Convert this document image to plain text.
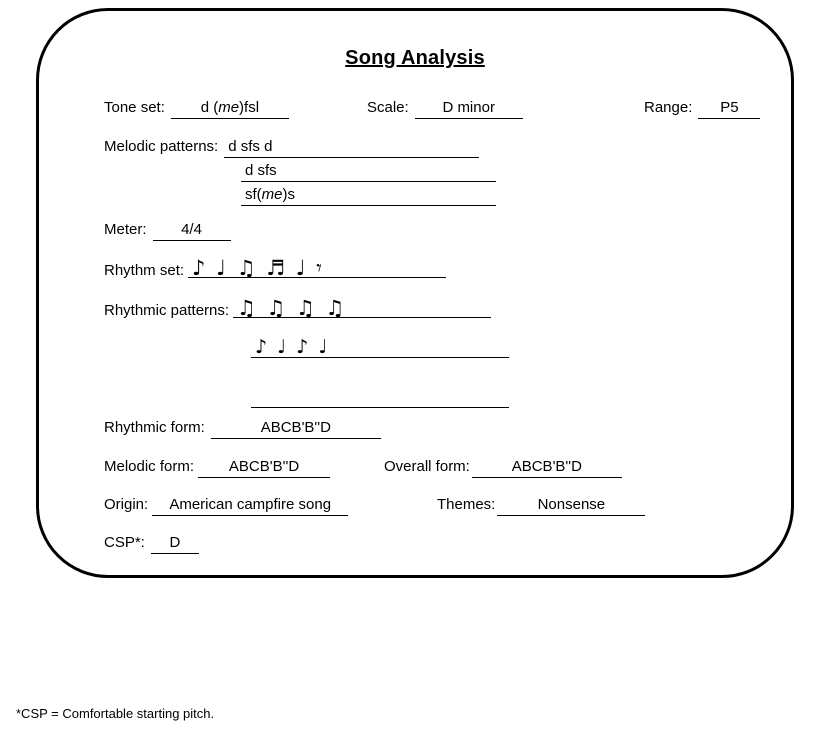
Song Analysis
Tone set:	d (me)fsl	Scale:	D minor	Range:	P5
Melodic patterns: d sfs d
d sfs
sf(me)s
Meter:	4/4
Rhythm set: ♪ ♩ ♫ ♬ ♩ 𝄾
Rhythmic patterns: ♫ ♫ ♫ ♫
♪ ♩ ♪ ♩
Rhythmic form:	ABCB'B''D
Melodic form:	ABCB'B''D	Overall form:	ABCB'B''D
Origin:	American campfire song	Themes:	Nonsense
CSP*:	D
*CSP = Comfortable starting pitch.
